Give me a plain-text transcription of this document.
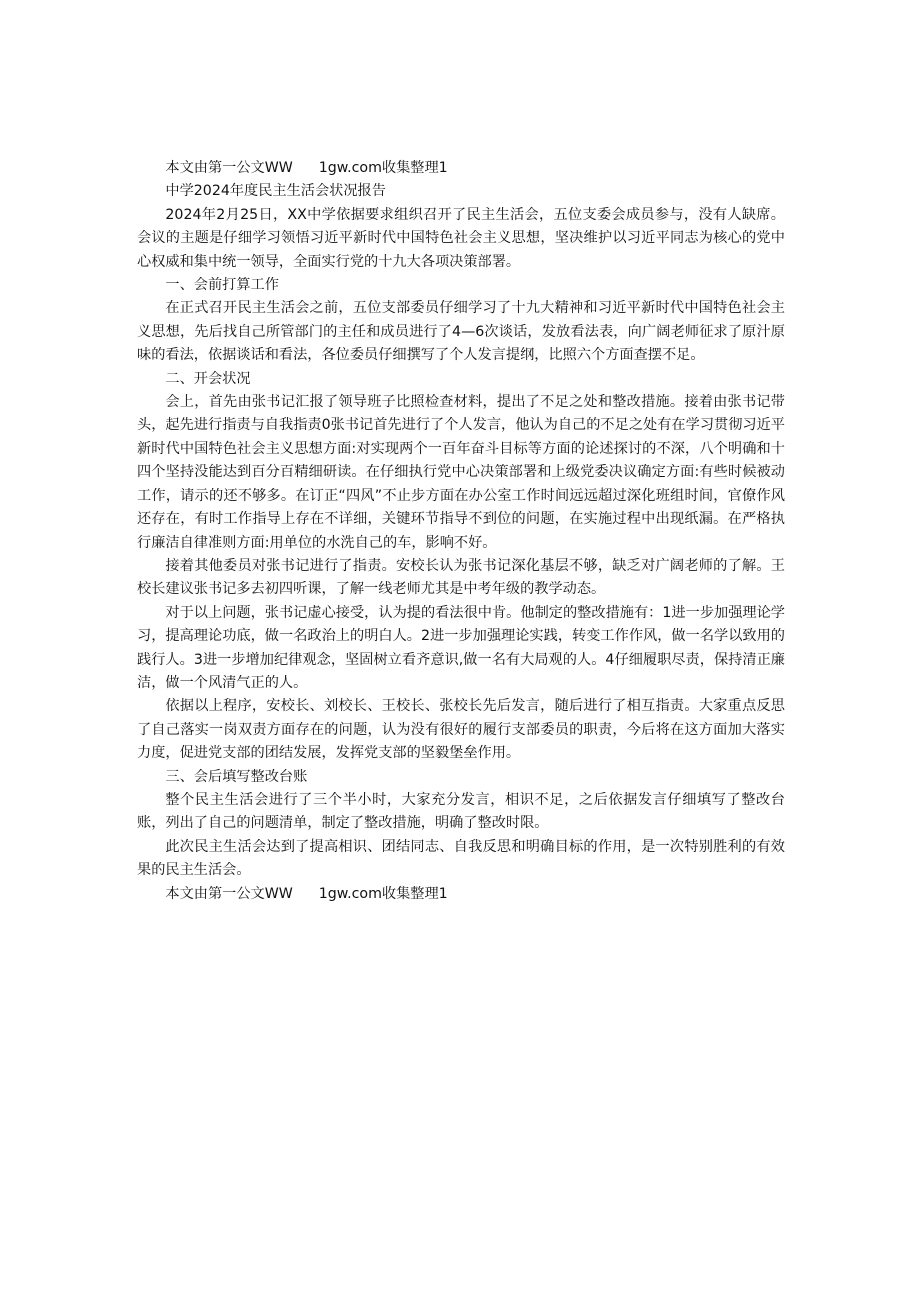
本文由第一公文WW 1gw.com收集整理1
中学2024年度民主生活会状况报告

2024年2月25日，XX中学依据要求组织召开了民主生活会，五位支委会成员参与，没有人缺席。会议的主题是仔细学习领悟习近平新时代中国特色社会主义思想，坚决维护以习近平同志为核心的党中心权威和集中统一领导，全面实行党的十九大各项决策部署。

一、会前打算工作

在正式召开民主生活会之前，五位支部委员仔细学习了十九大精神和习近平新时代中国特色社会主义思想，先后找自己所管部门的主任和成员进行了4—6次谈话，发放看法表，向广阔老师征求了原汁原味的看法，依据谈话和看法，各位委员仔细撰写了个人发言提纲，比照六个方面查摆不足。

二、开会状况

会上，首先由张书记汇报了领导班子比照检查材料，提出了不足之处和整改措施。接着由张书记带头，起先进行指责与自我指责0张书记首先进行了个人发言，他认为自己的不足之处有在学习贯彻习近平新时代中国特色社会主义思想方面:对实现两个一百年奋斗目标等方面的论述探讨的不深，八个明确和十四个坚持没能达到百分百精细研读。在仔细执行党中心决策部署和上级党委决议确定方面:有些时候被动工作，请示的还不够多。在订正“四风”不止步方面在办公室工作时间远远超过深化班组时间，官僚作风还存在，有时工作指导上存在不详细，关键环节指导不到位的问题，在实施过程中出现纸漏。在严格执行廉洁自律准则方面:用单位的水洗自己的车，影响不好。

接着其他委员对张书记进行了指责。安校长认为张书记深化基层不够，缺乏对广阔老师的了解。王校长建议张书记多去初四听课，了解一线老师尤其是中考年级的教学动态。

对于以上问题，张书记虚心接受，认为提的看法很中肯。他制定的整改措施有：1进一步加强理论学习，提高理论功底，做一名政治上的明白人。2进一步加强理论实践，转变工作作风，做一名学以致用的践行人。3进一步增加纪律观念，坚固树立看齐意识,做一名有大局观的人。4仔细履职尽责，保持清正廉洁，做一个风清气正的人。

依据以上程序，安校长、刘校长、王校长、张校长先后发言，随后进行了相互指责。大家重点反思了自己落实一岗双责方面存在的问题，认为没有很好的履行支部委员的职责，今后将在这方面加大落实力度，促进党支部的团结发展，发挥党支部的坚毅堡垒作用。

三、会后填写整改台账

整个民主生活会进行了三个半小时，大家充分发言，相识不足，之后依据发言仔细填写了整改台账，列出了自己的问题清单，制定了整改措施，明确了整改时限。

此次民主生活会达到了提高相识、团结同志、自我反思和明确目标的作用，是一次特别胜利的有效果的民主生活会。

本文由第一公文WW 1gw.com收集整理1
